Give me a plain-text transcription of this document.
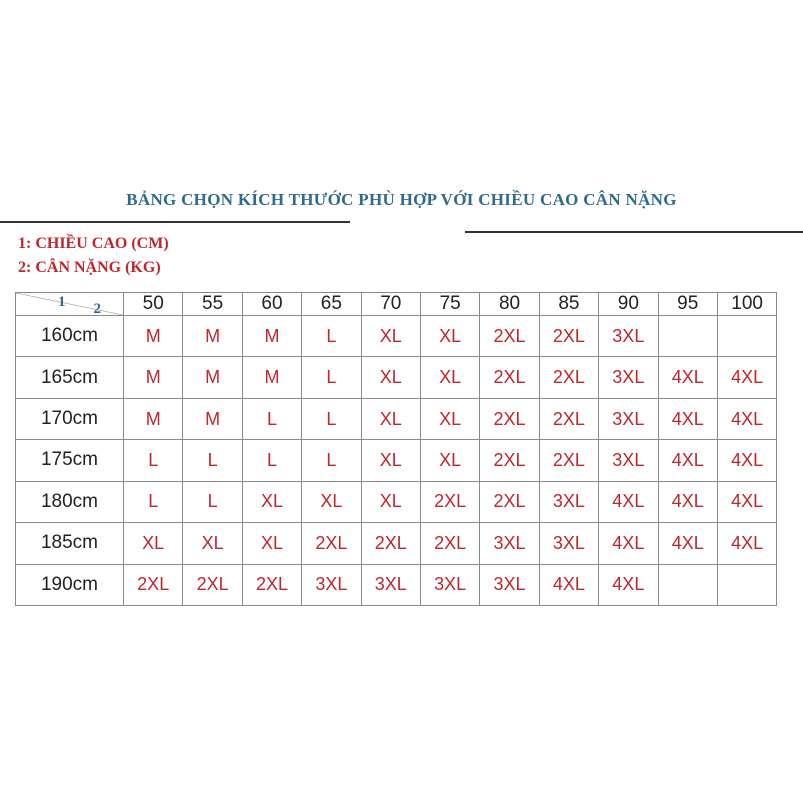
BẢNG CHỌN KÍCH THƯỚC PHÙ HỢP VỚI CHIỀU CAO CÂN NẶNG
1: CHIỀU CAO (CM)
2: CÂN NẶNG (KG)
2
1	50	55	60	65	70	75	80	85	90	95	100
160cm	M	M	M	L	XL	XL	2XL	2XL	3XL		
165cm	M	M	M	L	XL	XL	2XL	2XL	3XL	4XL	4XL
170cm	M	M	L	L	XL	XL	2XL	2XL	3XL	4XL	4XL
175cm	L	L	L	L	XL	XL	2XL	2XL	3XL	4XL	4XL
180cm	L	L	XL	XL	XL	2XL	2XL	3XL	4XL	4XL	4XL
185cm	XL	XL	XL	2XL	2XL	2XL	3XL	3XL	4XL	4XL	4XL
190cm	2XL	2XL	2XL	3XL	3XL	3XL	3XL	4XL	4XL		
